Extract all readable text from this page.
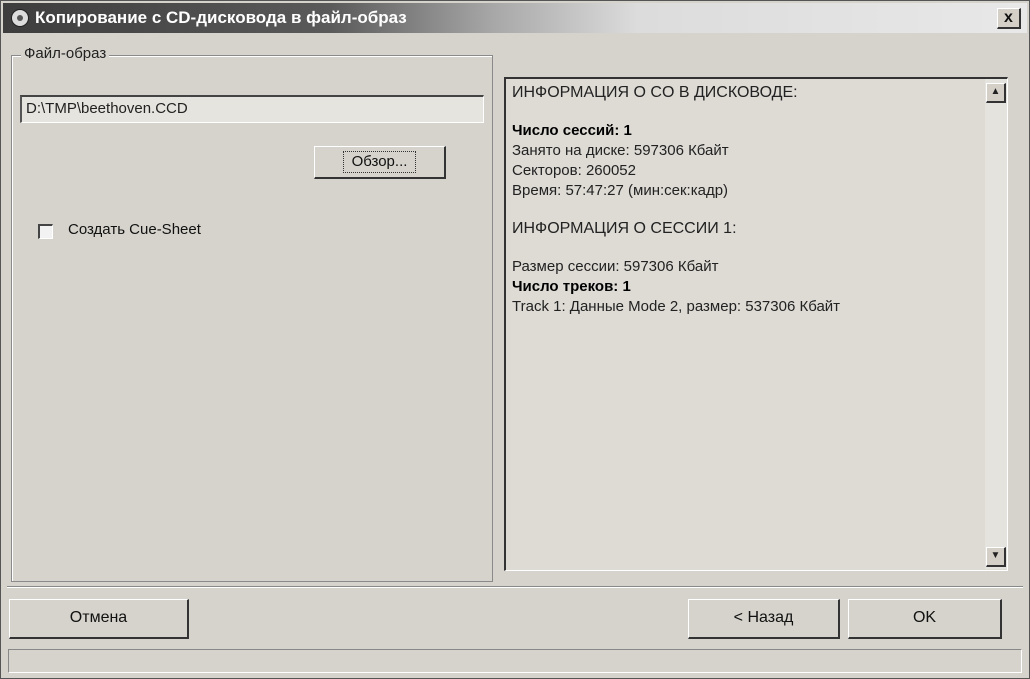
Копирование с CD-дисковода в файл-образ	x
Файл-образ
D:\TMP\beethoven.CCD
Обзор...
Создать Cue-Sheet
ИНФОРМАЦИЯ О CO В ДИСКОВОДЕ:
Число сессий: 1
Занято на диске: 597306 Кбайт
Секторов: 260052
Время: 57:47:27 (мин:сек:кадр)
ИНФОРМАЦИЯ О СЕССИИ 1:
Размер сессии: 597306 Кбайт
Число треков: 1
Track 1: Данные Mode 2, размер: 537306 Кбайт
▲
▼
Отмена	< Назад	OK
